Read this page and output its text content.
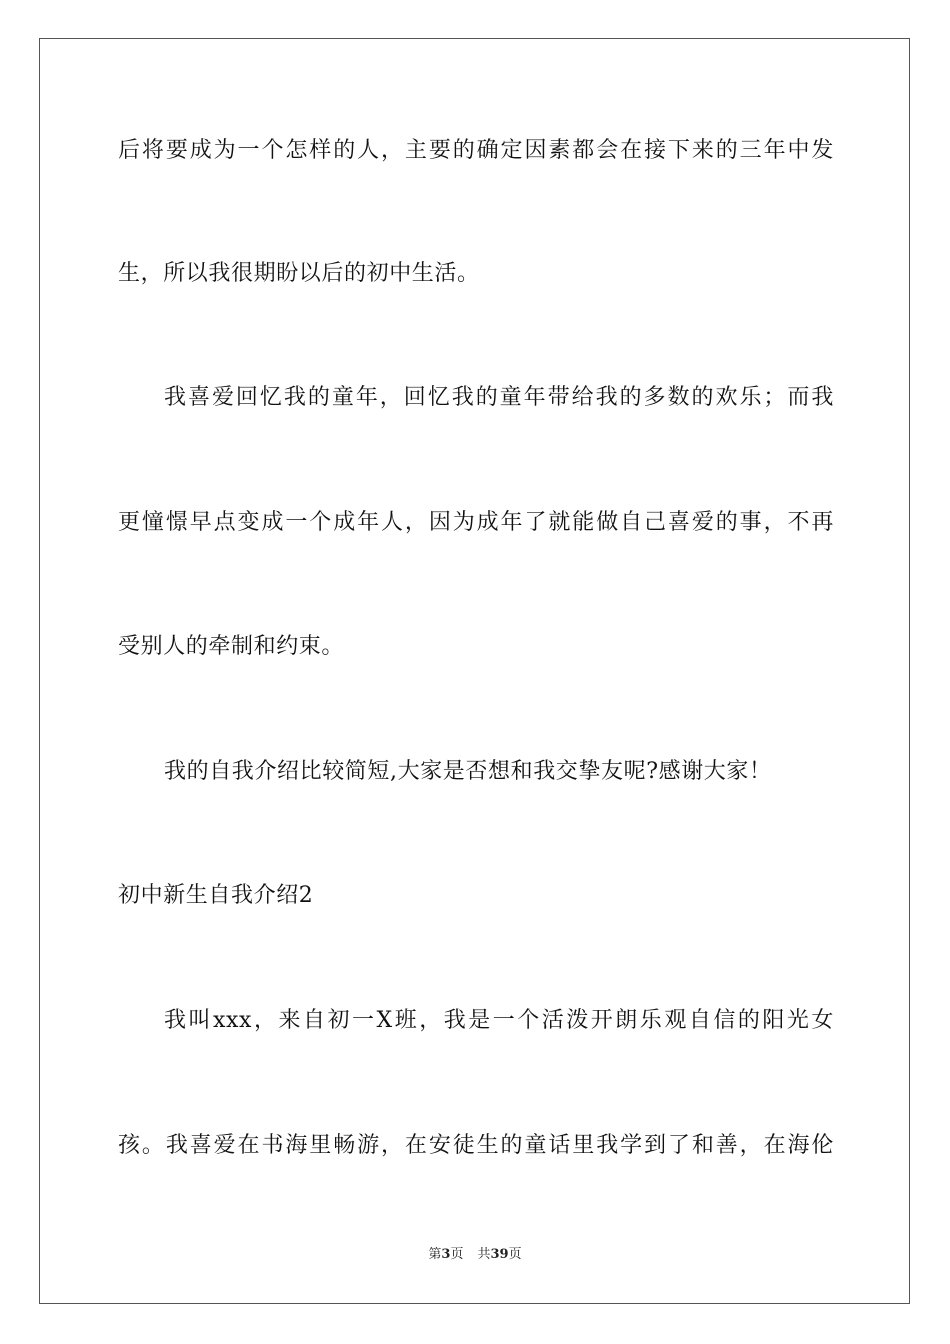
后将要成为一个怎样的人，主要的确定因素都会在接下来的三年中发
生，所以我很期盼以后的初中生活。
我喜爱回忆我的童年，回忆我的童年带给我的多数的欢乐；而我
更憧憬早点变成一个成年人，因为成年了就能做自己喜爱的事，不再
受别人的牵制和约束。
我的自我介绍比较简短,大家是否想和我交挚友呢?感谢大家！
初中新生自我介绍2
我叫xxx，来自初一X班，我是一个活泼开朗乐观自信的阳光女
孩。我喜爱在书海里畅游，在安徒生的童话里我学到了和善，在海伦
第3页 共39页
